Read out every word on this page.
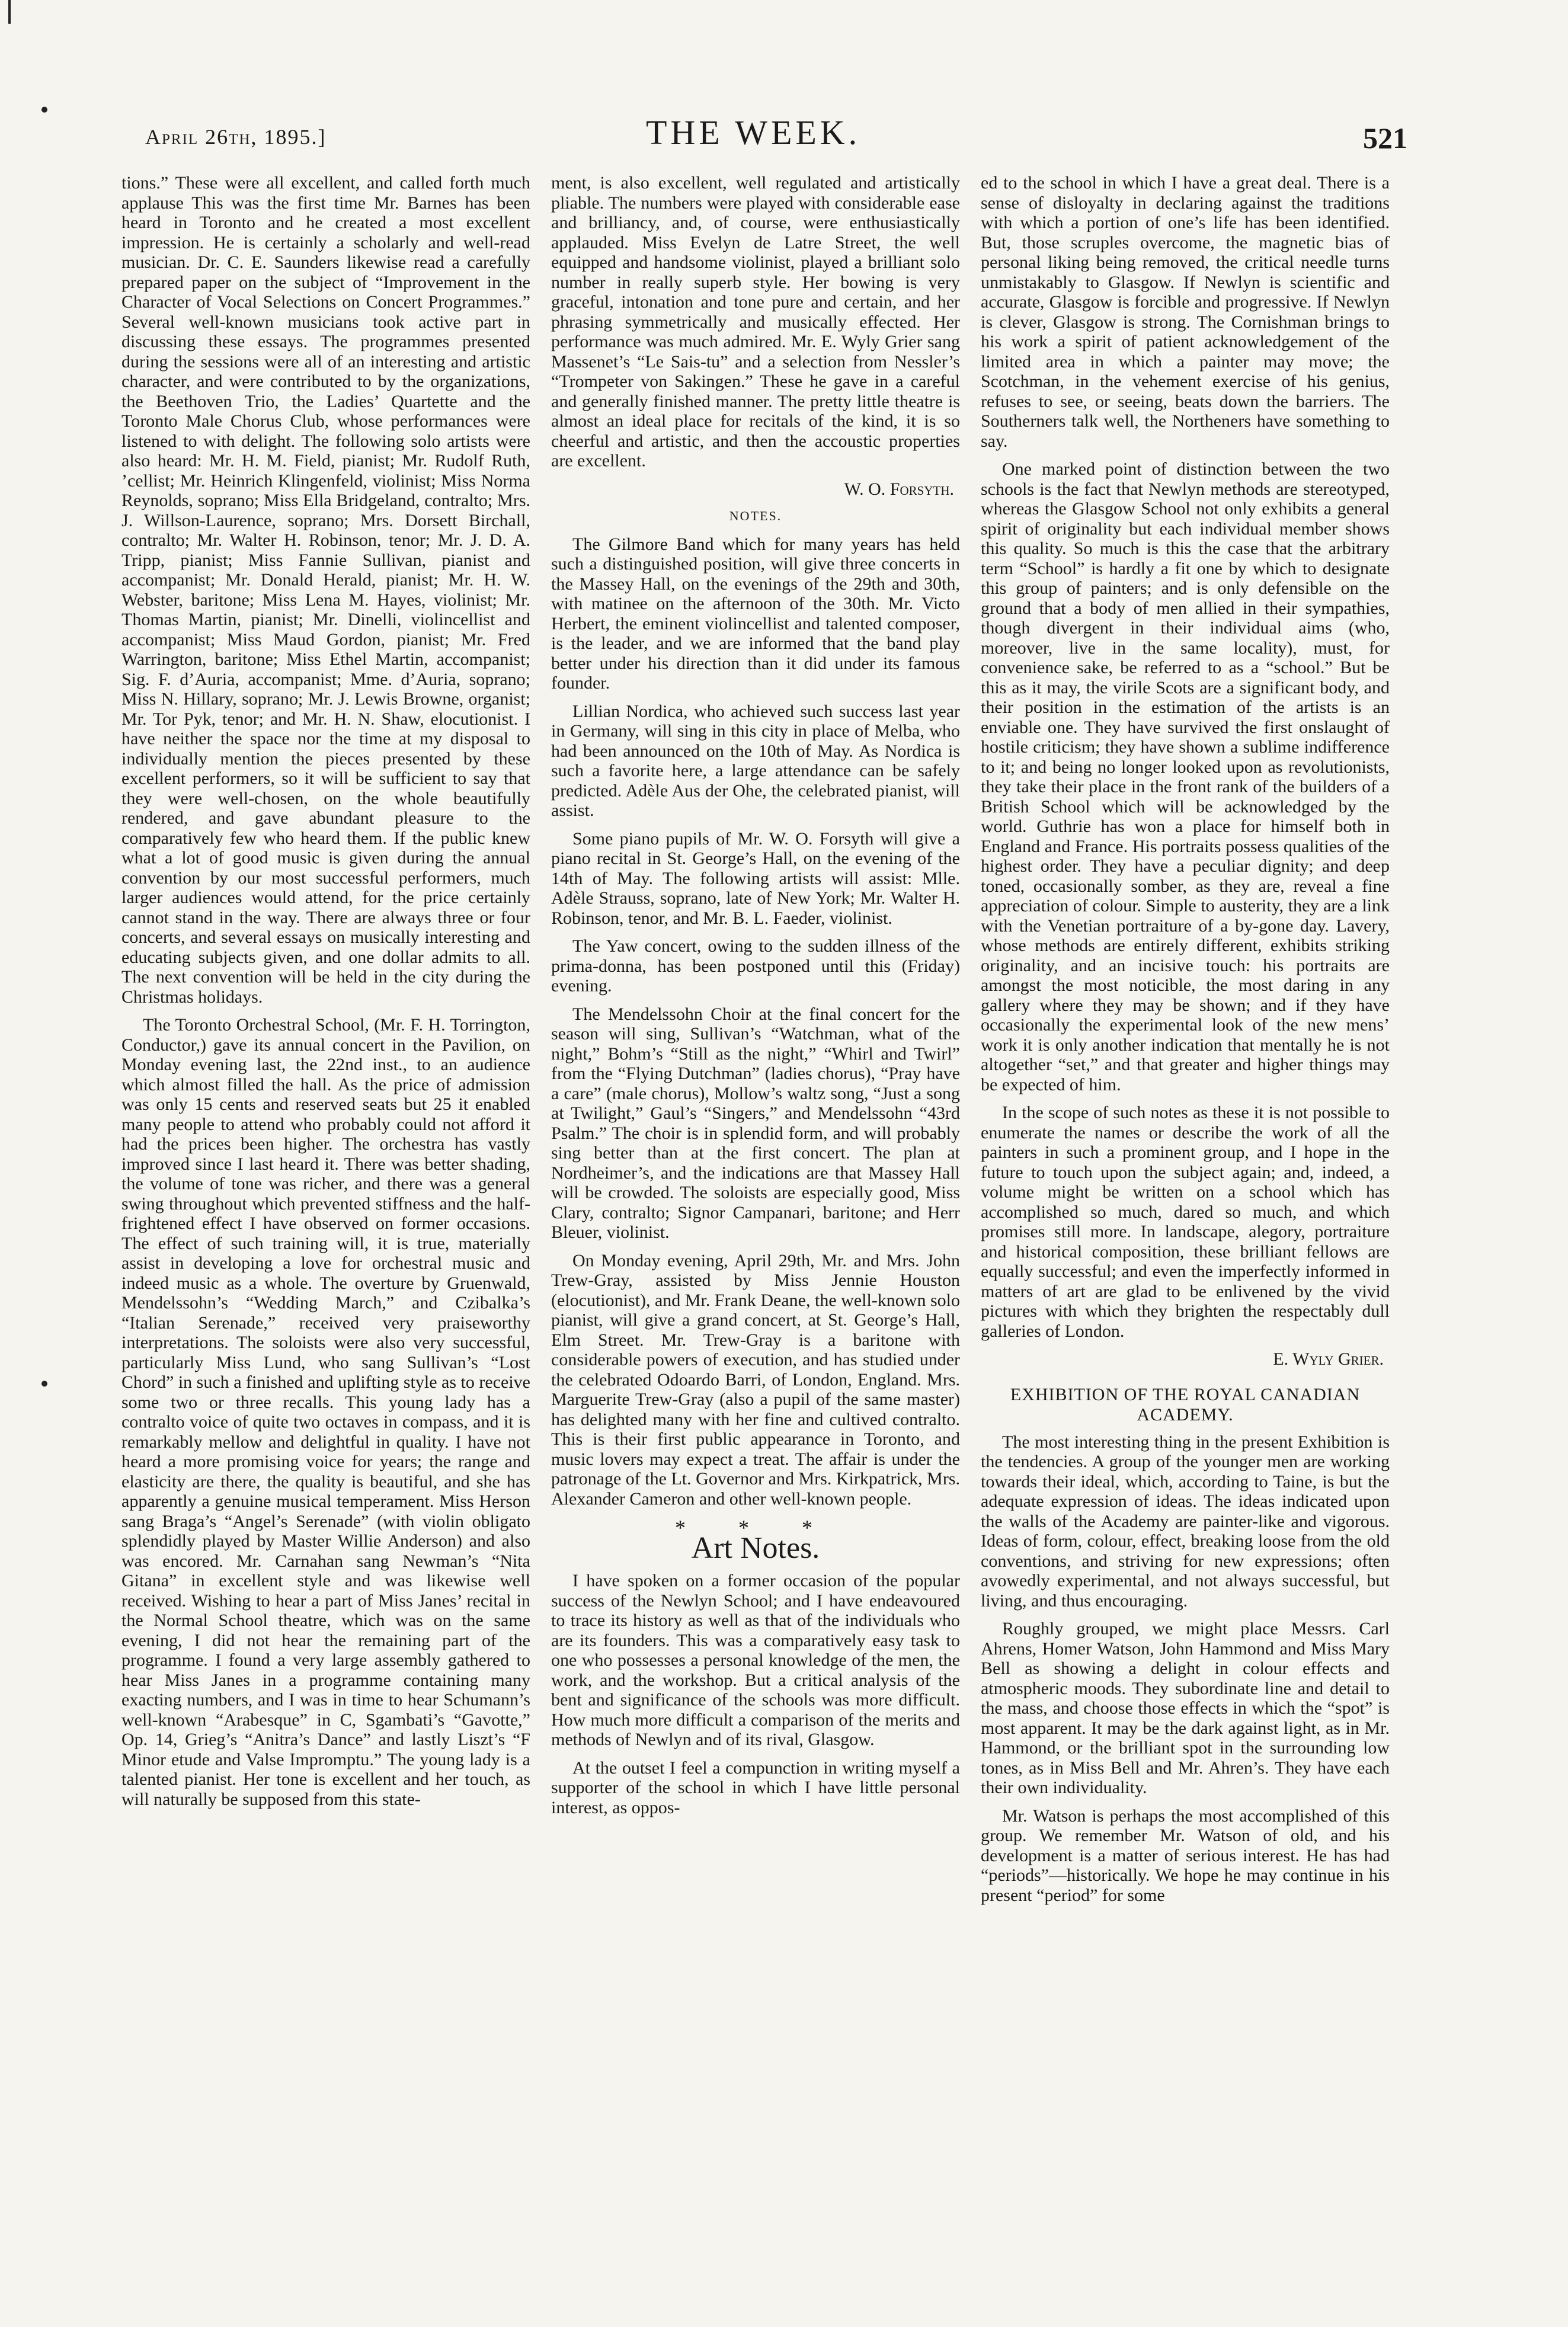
April 26th, 1895.]	THE WEEK.	521

tions.” These were all excellent, and called forth much applause This was the first time Mr. Barnes has been heard in Toronto and he created a most excellent impression. He is certainly a scholarly and well-read musician. Dr. C. E. Saunders likewise read a carefully prepared paper on the subject of “Improvement in the Character of Vocal Selections on Concert Programmes.” Several well-known musicians took active part in discussing these essays. The programmes presented during the sessions were all of an interesting and artistic character, and were contributed to by the organizations, the Beethoven Trio, the Ladies’ Quartette and the Toronto Male Chorus Club, whose performances were listened to with delight. The following solo artists were also heard: Mr. H. M. Field, pianist; Mr. Rudolf Ruth, ’cellist; Mr. Heinrich Klingenfeld, violinist; Miss Norma Reynolds, soprano; Miss Ella Bridgeland, contralto; Mrs. J. Willson-Laurence, soprano; Mrs. Dorsett Birchall, contralto; Mr. Walter H. Robinson, tenor; Mr. J. D. A. Tripp, pianist; Miss Fannie Sullivan, pianist and accompanist; Mr. Donald Herald, pianist; Mr. H. W. Webster, baritone; Miss Lena M. Hayes, violinist; Mr. Thomas Martin, pianist; Mr. Dinelli, violincellist and accompanist; Miss Maud Gordon, pianist; Mr. Fred Warrington, baritone; Miss Ethel Martin, accompanist; Sig. F. d’Auria, accompanist; Mme. d’Auria, soprano; Miss N. Hillary, soprano; Mr. J. Lewis Browne, organist; Mr. Tor Pyk, tenor; and Mr. H. N. Shaw, elocutionist. I have neither the space nor the time at my disposal to individually mention the pieces presented by these excellent performers, so it will be sufficient to say that they were well-chosen, on the whole beautifully rendered, and gave abundant pleasure to the comparatively few who heard them. If the public knew what a lot of good music is given during the annual convention by our most successful performers, much larger audiences would attend, for the price certainly cannot stand in the way. There are always three or four concerts, and several essays on musically interesting and educating subjects given, and one dollar admits to all. The next convention will be held in the city during the Christmas holidays.

The Toronto Orchestral School, (Mr. F. H. Torrington, Conductor,) gave its annual concert in the Pavilion, on Monday evening last, the 22nd inst., to an audience which almost filled the hall. As the price of admission was only 15 cents and reserved seats but 25 it enabled many people to attend who probably could not afford it had the prices been higher. The orchestra has vastly improved since I last heard it. There was better shading, the volume of tone was richer, and there was a general swing throughout which prevented stiffness and the half-frightened effect I have observed on former occasions. The effect of such training will, it is true, materially assist in developing a love for orchestral music and indeed music as a whole. The overture by Gruenwald, Mendelssohn’s “Wedding March,” and Czibalka’s “Italian Serenade,” received very praiseworthy interpretations. The soloists were also very successful, particularly Miss Lund, who sang Sullivan’s “Lost Chord” in such a finished and uplifting style as to receive some two or three recalls. This young lady has a contralto voice of quite two octaves in compass, and it is remarkably mellow and delightful in quality. I have not heard a more promising voice for years; the range and elasticity are there, the quality is beautiful, and she has apparently a genuine musical temperament. Miss Herson sang Braga’s “Angel’s Serenade” (with violin obligato splendidly played by Master Willie Anderson) and also was encored. Mr. Carnahan sang Newman’s “Nita Gitana” in excellent style and was likewise well received. Wishing to hear a part of Miss Janes’ recital in the Normal School theatre, which was on the same evening, I did not hear the remaining part of the programme. I found a very large assembly gathered to hear Miss Janes in a programme containing many exacting numbers, and I was in time to hear Schumann’s well-known “Arabesque” in C, Sgambati’s “Gavotte,” Op. 14, Grieg’s “Anitra’s Dance” and lastly Liszt’s “F Minor etude and Valse Impromptu.” The young lady is a talented pianist. Her tone is excellent and her touch, as will naturally be supposed from this state-

ment, is also excellent, well regulated and artistically pliable. The numbers were played with considerable ease and brilliancy, and, of course, were enthusiastically applauded. Miss Evelyn de Latre Street, the well equipped and handsome violinist, played a brilliant solo number in really superb style. Her bowing is very graceful, intonation and tone pure and certain, and her phrasing symmetrically and musically effected. Her performance was much admired. Mr. E. Wyly Grier sang Massenet’s “Le Sais-tu” and a selection from Nessler’s “Trompeter von Sakingen.” These he gave in a careful and generally finished manner. The pretty little theatre is almost an ideal place for recitals of the kind, it is so cheerful and artistic, and then the accoustic properties are excellent.

W. O. Forsyth.
NOTES.

The Gilmore Band which for many years has held such a distinguished position, will give three concerts in the Massey Hall, on the evenings of the 29th and 30th, with matinee on the afternoon of the 30th. Mr. Victo Herbert, the eminent violincellist and talented composer, is the leader, and we are informed that the band play better under his direction than it did under its famous founder.

Lillian Nordica, who achieved such success last year in Germany, will sing in this city in place of Melba, who had been announced on the 10th of May. As Nordica is such a favorite here, a large attendance can be safely predicted. Adèle Aus der Ohe, the celebrated pianist, will assist.

Some piano pupils of Mr. W. O. Forsyth will give a piano recital in St. George’s Hall, on the evening of the 14th of May. The following artists will assist: Mlle. Adèle Strauss, soprano, late of New York; Mr. Walter H. Robinson, tenor, and Mr. B. L. Faeder, violinist.

The Yaw concert, owing to the sudden illness of the prima-donna, has been postponed until this (Friday) evening.

The Mendelssohn Choir at the final concert for the season will sing, Sullivan’s “Watchman, what of the night,” Bohm’s “Still as the night,” “Whirl and Twirl” from the “Flying Dutchman” (ladies chorus), “Pray have a care” (male chorus), Mollow’s waltz song, “Just a song at Twilight,” Gaul’s “Singers,” and Mendelssohn “43rd Psalm.” The choir is in splendid form, and will probably sing better than at the first concert. The plan at Nordheimer’s, and the indications are that Massey Hall will be crowded. The soloists are especially good, Miss Clary, contralto; Signor Campanari, baritone; and Herr Bleuer, violinist.

On Monday evening, April 29th, Mr. and Mrs. John Trew-Gray, assisted by Miss Jennie Houston (elocutionist), and Mr. Frank Deane, the well-known solo pianist, will give a grand concert, at St. George’s Hall, Elm Street. Mr. Trew-Gray is a baritone with considerable powers of execution, and has studied under the celebrated Odoardo Barri, of London, England. Mrs. Marguerite Trew-Gray (also a pupil of the same master) has delighted many with her fine and cultived contralto. This is their first public appearance in Toronto, and music lovers may expect a treat. The affair is under the patronage of the Lt. Governor and Mrs. Kirkpatrick, Mrs. Alexander Cameron and other well-known people.

* * *
Art Notes.

I have spoken on a former occasion of the popular success of the Newlyn School; and I have endeavoured to trace its history as well as that of the individuals who are its founders. This was a comparatively easy task to one who possesses a personal knowledge of the men, the work, and the workshop. But a critical analysis of the bent and significance of the schools was more difficult. How much more difficult a comparison of the merits and methods of Newlyn and of its rival, Glasgow.

At the outset I feel a compunction in writing myself a supporter of the school in which I have little personal interest, as oppos-

ed to the school in which I have a great deal. There is a sense of disloyalty in declaring against the traditions with which a portion of one’s life has been identified. But, those scruples overcome, the magnetic bias of personal liking being removed, the critical needle turns unmistakably to Glasgow. If Newlyn is scientific and accurate, Glasgow is forcible and progressive. If Newlyn is clever, Glasgow is strong. The Cornishman brings to his work a spirit of patient acknowledgement of the limited area in which a painter may move; the Scotchman, in the vehement exercise of his genius, refuses to see, or seeing, beats down the barriers. The Southerners talk well, the Northeners have something to say.

One marked point of distinction between the two schools is the fact that Newlyn methods are stereotyped, whereas the Glasgow School not only exhibits a general spirit of originality but each individual member shows this quality. So much is this the case that the arbitrary term “School” is hardly a fit one by which to designate this group of painters; and is only defensible on the ground that a body of men allied in their sympathies, though divergent in their individual aims (who, moreover, live in the same locality), must, for convenience sake, be referred to as a “school.” But be this as it may, the virile Scots are a significant body, and their position in the estimation of the artists is an enviable one. They have survived the first onslaught of hostile criticism; they have shown a sublime indifference to it; and being no longer looked upon as revolutionists, they take their place in the front rank of the builders of a British School which will be acknowledged by the world. Guthrie has won a place for himself both in England and France. His portraits possess qualities of the highest order. They have a peculiar dignity; and deep toned, occasionally somber, as they are, reveal a fine appreciation of colour. Simple to austerity, they are a link with the Venetian portraiture of a by-gone day. Lavery, whose methods are entirely different, exhibits striking originality, and an incisive touch: his portraits are amongst the most noticible, the most daring in any gallery where they may be shown; and if they have occasionally the experimental look of the new mens’ work it is only another indication that mentally he is not altogether “set,” and that greater and higher things may be expected of him.

In the scope of such notes as these it is not possible to enumerate the names or describe the work of all the painters in such a prominent group, and I hope in the future to touch upon the subject again; and, indeed, a volume might be written on a school which has accomplished so much, dared so much, and which promises still more. In landscape, alegory, portraiture and historical composition, these brilliant fellows are equally successful; and even the imperfectly informed in matters of art are glad to be enlivened by the vivid pictures with which they brighten the respectably dull galleries of London.

E. Wyly Grier.
EXHIBITION OF THE ROYAL CANADIAN ACADEMY.

The most interesting thing in the present Exhibition is the tendencies. A group of the younger men are working towards their ideal, which, according to Taine, is but the adequate expression of ideas. The ideas indicated upon the walls of the Academy are painter-like and vigorous. Ideas of form, colour, effect, breaking loose from the old conventions, and striving for new expressions; often avowedly experimental, and not always successful, but living, and thus encouraging.

Roughly grouped, we might place Messrs. Carl Ahrens, Homer Watson, John Hammond and Miss Mary Bell as showing a delight in colour effects and atmospheric moods. They subordinate line and detail to the mass, and choose those effects in which the “spot” is most apparent. It may be the dark against light, as in Mr. Hammond, or the brilliant spot in the surrounding low tones, as in Miss Bell and Mr. Ahren’s. They have each their own individuality.

Mr. Watson is perhaps the most accomplished of this group. We remember Mr. Watson of old, and his development is a matter of serious interest. He has had “periods”—historically. We hope he may continue in his present “period” for some
